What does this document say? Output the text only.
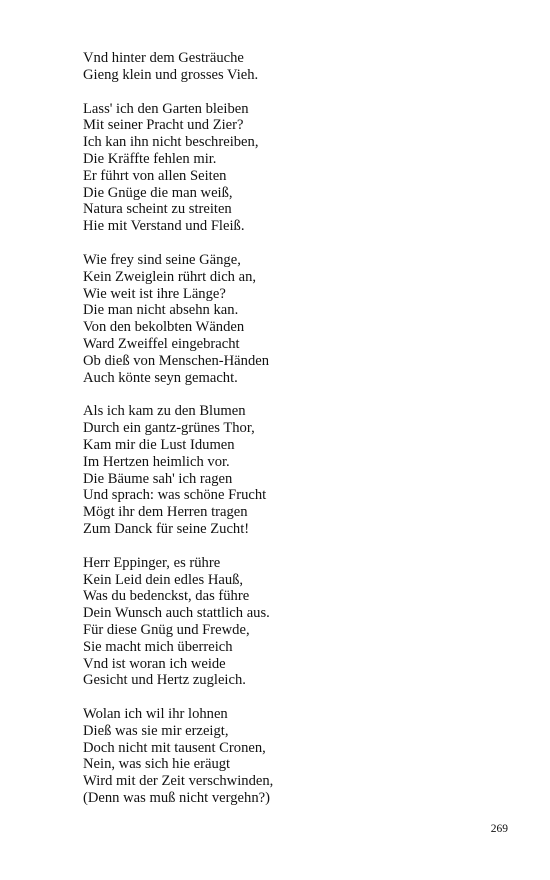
Vnd hinter dem Gesträuche
Gieng klein und grosses Vieh.
Lass' ich den Garten bleiben
Mit seiner Pracht und Zier?
Ich kan ihn nicht beschreiben,
Die Kräffte fehlen mir.
Er führt von allen Seiten
Die Gnüge die man weiß,
Natura scheint zu streiten
Hie mit Verstand und Fleiß.
Wie frey sind seine Gänge,
Kein Zweiglein rührt dich an,
Wie weit ist ihre Länge?
Die man nicht absehn kan.
Von den bekolbten Wänden
Ward Zweiffel eingebracht
Ob dieß von Menschen-Händen
Auch könte seyn gemacht.
Als ich kam zu den Blumen
Durch ein gantz-grünes Thor,
Kam mir die Lust Idumen
Im Hertzen heimlich vor.
Die Bäume sah' ich ragen
Und sprach: was schöne Frucht
Mögt ihr dem Herren tragen
Zum Danck für seine Zucht!
Herr Eppinger, es rühre
Kein Leid dein edles Hauß,
Was du bedenckst, das führe
Dein Wunsch auch stattlich aus.
Für diese Gnüg und Frewde,
Sie macht mich überreich
Vnd ist woran ich weide
Gesicht und Hertz zugleich.
Wolan ich wil ihr lohnen
Dieß was sie mir erzeigt,
Doch nicht mit tausent Cronen,
Nein, was sich hie eräugt
Wird mit der Zeit verschwinden,
(Denn was muß nicht vergehn?)
269
